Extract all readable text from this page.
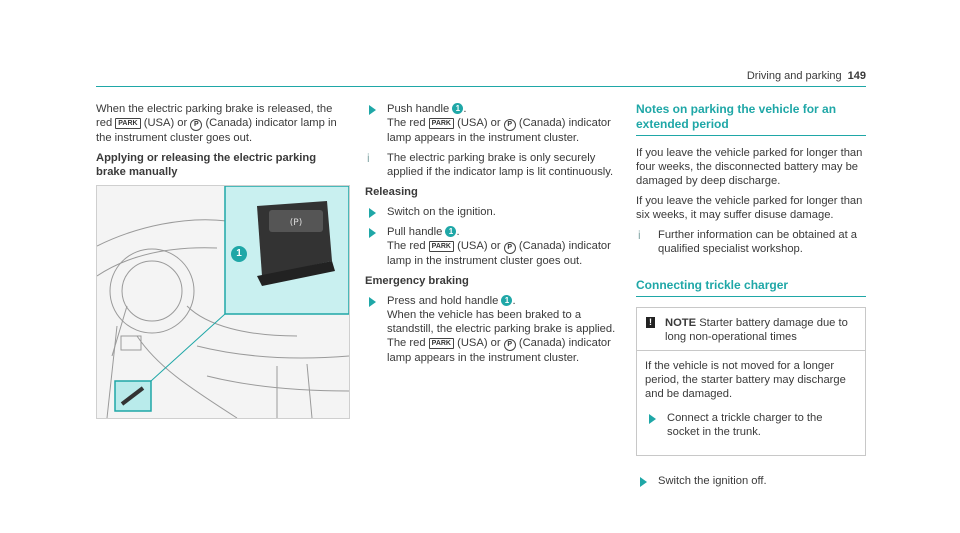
Driving and parking 149

When the electric parking brake is released, the red PARK (USA) or P (Canada) indicator lamp in the instrument cluster goes out.

Applying or releasing the electric parking brake manually

(P)
1
Push handle 1 .
The red PARK (USA) or P (Canada) indicator lamp appears in the instrument cluster.
i The electric parking brake is only securely applied if the indicator lamp is lit continuously.

Releasing

Switch on the ignition.
Pull handle 1 .
The red PARK (USA) or P (Canada) indicator lamp in the instrument cluster goes out.

Emergency braking

Press and hold handle 1 .
When the vehicle has been braked to a standstill, the electric parking brake is applied. The red PARK (USA) or P (Canada) indicator lamp appears in the instrument cluster.
Notes on parking the vehicle for an extended period

If you leave the vehicle parked for longer than four weeks, the disconnected battery may be damaged by deep discharge.

If you leave the vehicle parked for longer than six weeks, it may suffer disuse damage.

i Further information can be obtained at a qualified specialist workshop.
Connecting trickle charger
! NOTE Starter battery damage due to long non-operational times

If the vehicle is not moved for a longer period, the starter battery may discharge and be damaged.

Connect a trickle charger to the socket in the trunk.
Switch the ignition off.
